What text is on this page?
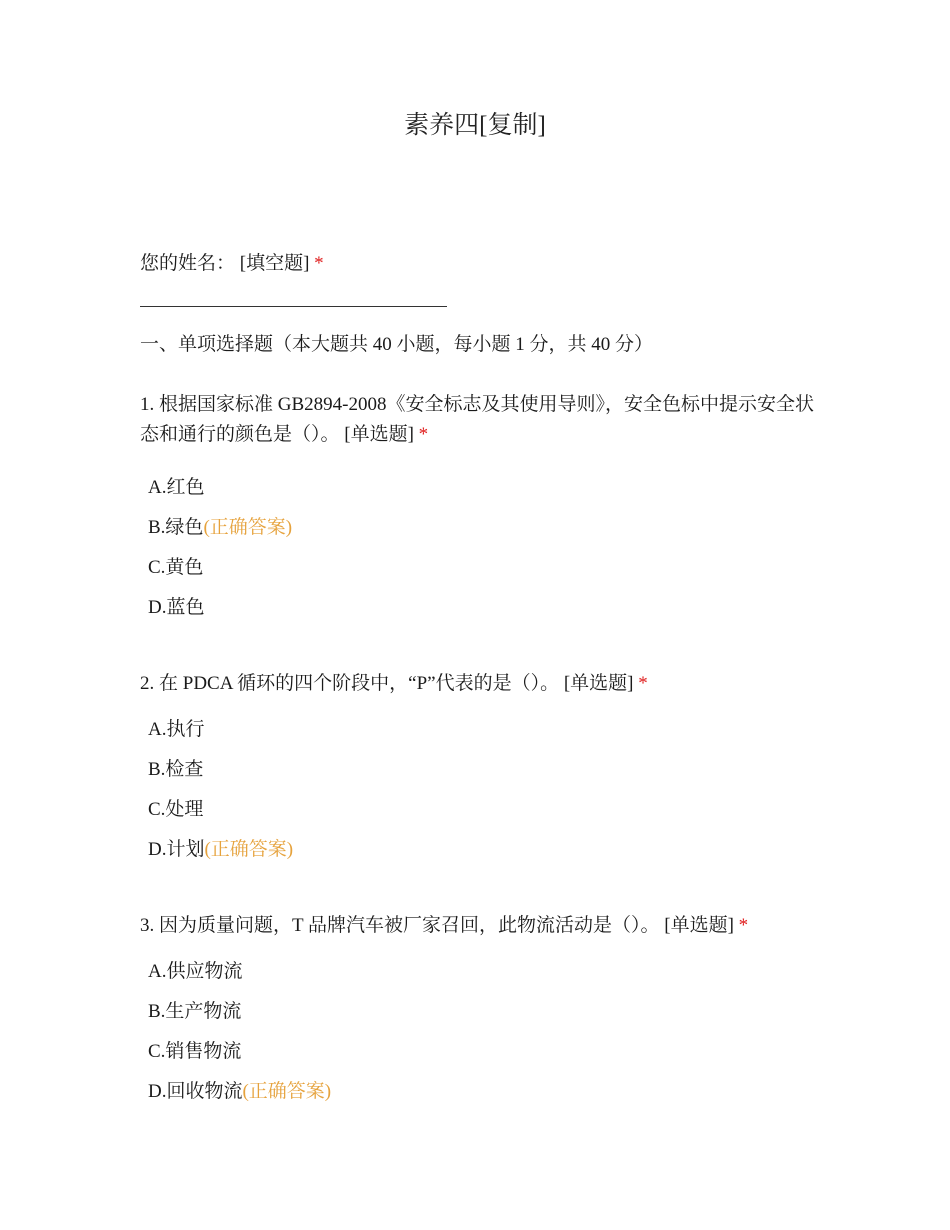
素养四[复制]
您的姓名： [填空题] *
一、单项选择题（本大题共 40 小题，每小题 1 分，共 40 分）
1. 根据国家标准 GB2894-2008《安全标志及其使用导则》，安全色标中提示安全状态和通行的颜色是（）。 [单选题] *
A.红色
B.绿色(正确答案)
C.黄色
D.蓝色
2. 在 PDCA 循环的四个阶段中，“P”代表的是（）。 [单选题] *
A.执行
B.检查
C.处理
D.计划(正确答案)
3. 因为质量问题，T 品牌汽车被厂家召回，此物流活动是（）。 [单选题] *
A.供应物流
B.生产物流
C.销售物流
D.回收物流(正确答案)
